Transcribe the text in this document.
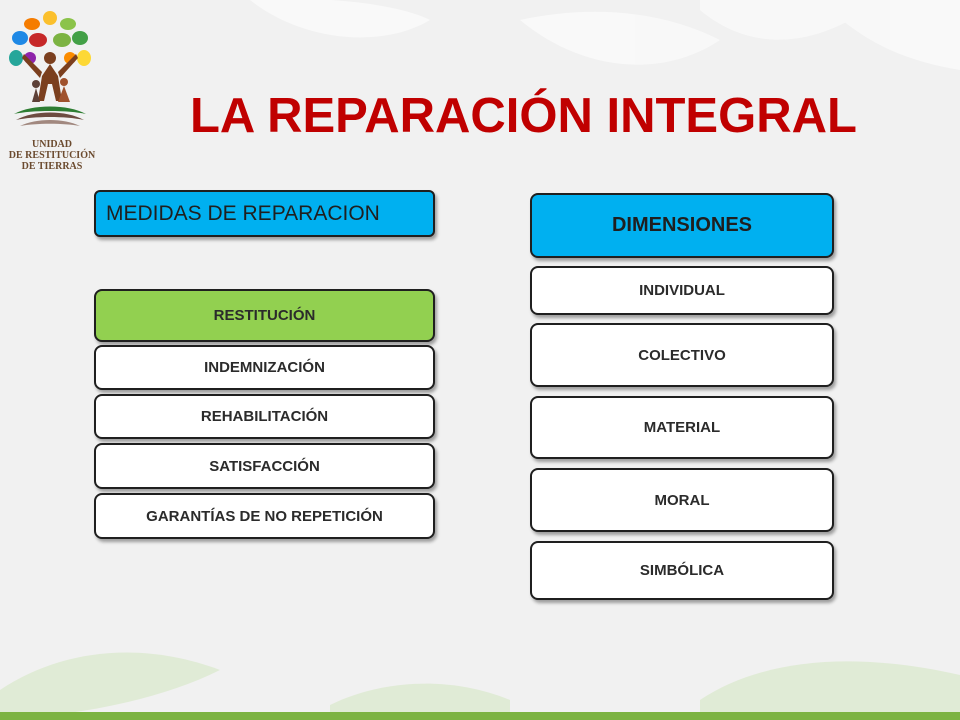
UNIDAD
DE RESTITUCIÓN
DE TIERRAS
LA REPARACIÓN INTEGRAL
MEDIDAS DE REPARACION
RESTITUCIÓN
INDEMNIZACIÓN
REHABILITACIÓN
SATISFACCIÓN
GARANTÍAS DE NO REPETICIÓN
DIMENSIONES
INDIVIDUAL
COLECTIVO
MATERIAL
MORAL
SIMBÓLICA
